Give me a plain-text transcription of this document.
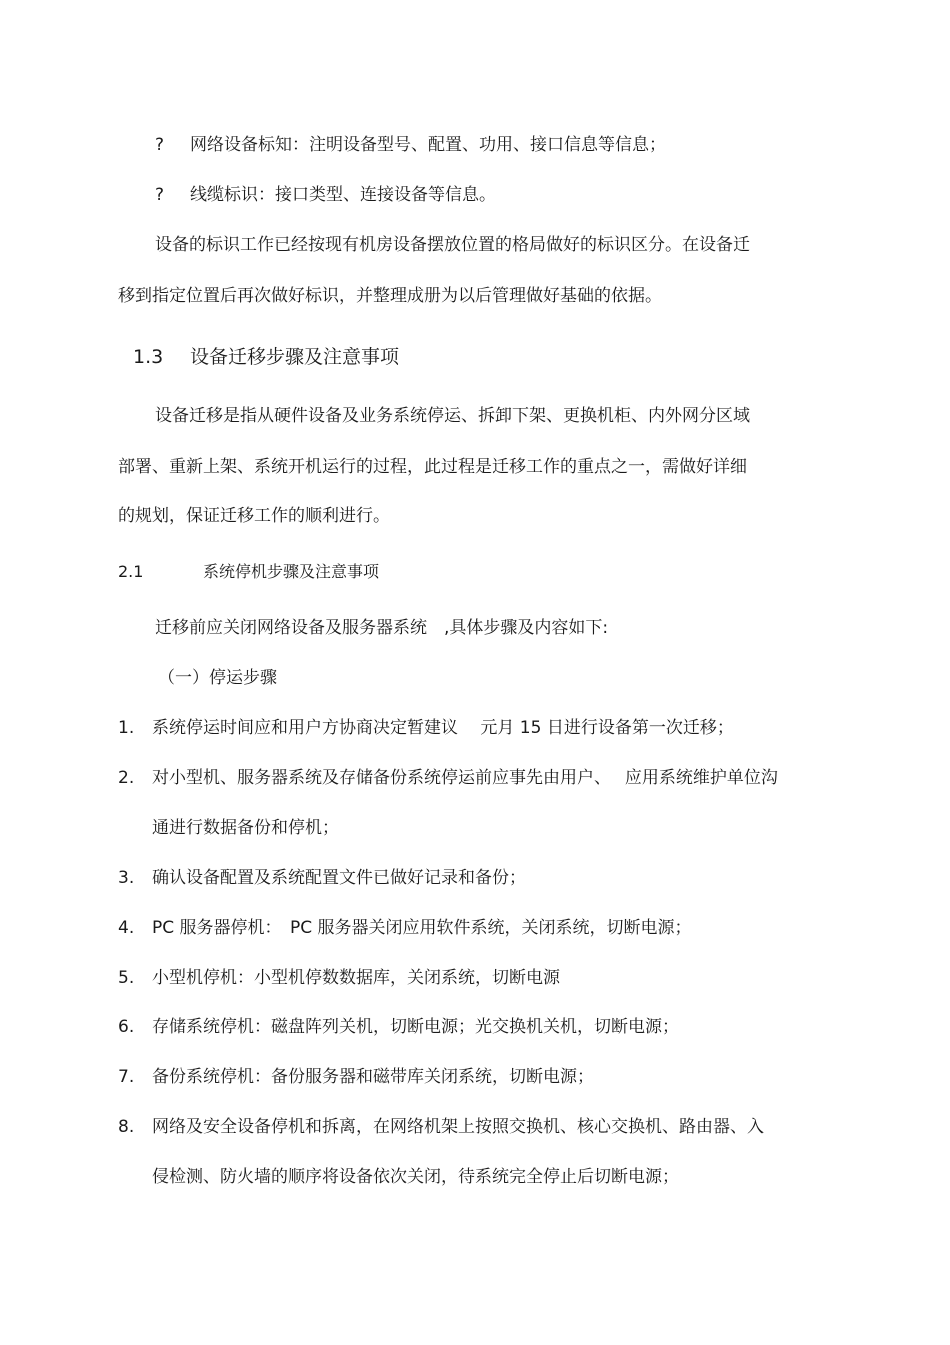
? 网络设备标知：注明设备型号、配置、功用、接口信息等信息；
? 线缆标识：接口类型、连接设备等信息。
设备的标识工作已经按现有机房设备摆放位置的格局做好的标识区分。在设备迁
移到指定位置后再次做好标识，并整理成册为以后管理做好基础的依据。
1.3 设备迁移步骤及注意事项
设备迁移是指从硬件设备及业务系统停运、拆卸下架、更换机柜、内外网分区域
部署、重新上架、系统开机运行的过程，此过程是迁移工作的重点之一，需做好详细
的规划，保证迁移工作的顺利进行。
2.1	系统停机步骤及注意事项
迁移前应关闭网络设备及服务器系统　,具体步骤及内容如下:
（一）停运步骤
1. 系统停运时间应和用户方协商决定暂建议　 元月 15 日进行设备第一次迁移；
2. 对小型机、服务器系统及存储备份系统停运前应事先由用户、　 应用系统维护单位沟
通进行数据备份和停机；
3. 确认设备配置及系统配置文件已做好记录和备份；
4. PC 服务器停机：　PC 服务器关闭应用软件系统，关闭系统，切断电源；
5. 小型机停机：小型机停数数据库，关闭系统，切断电源
6. 存储系统停机：磁盘阵列关机，切断电源；光交换机关机，切断电源；
7. 备份系统停机：备份服务器和磁带库关闭系统，切断电源；
8. 网络及安全设备停机和拆离，在网络机架上按照交换机、核心交换机、路由器、入
侵检测、防火墙的顺序将设备依次关闭，待系统完全停止后切断电源；
